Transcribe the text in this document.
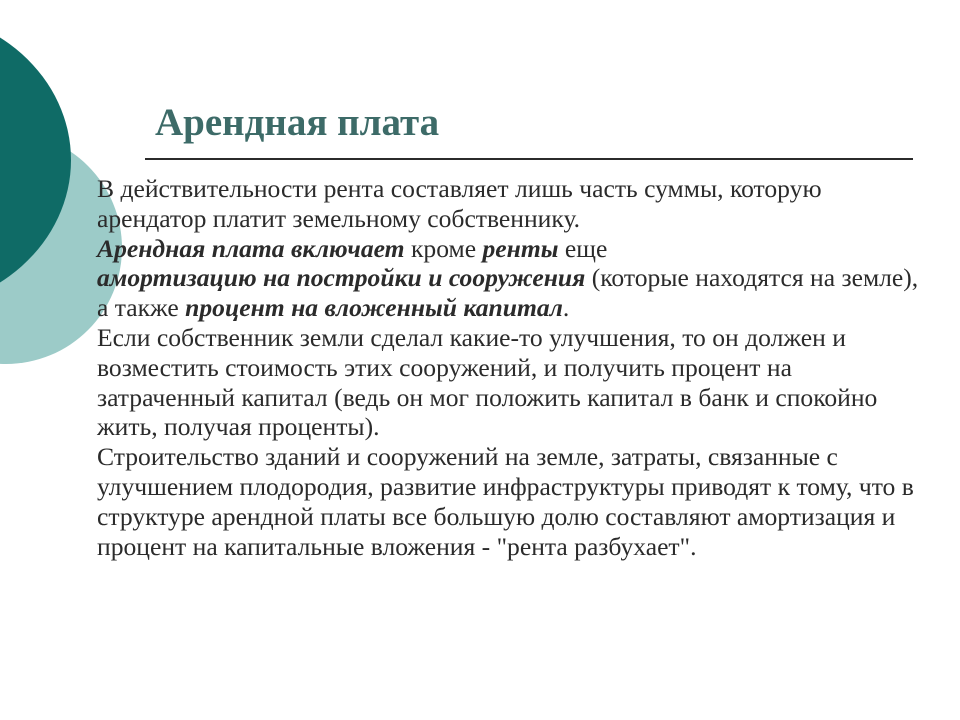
Арендная плата

В действительности рента составляет лишь часть суммы, которую арендатор платит земельному собственнику.
Арендная плата включает кроме ренты еще
амортизацию на постройки и сооружения (которые находятся на земле), а также процент на вложенный капитал.

Если собственник земли сделал какие-то улучшения, то он должен и возместить стоимость этих сооружений, и получить процент на затраченный капитал (ведь он мог положить капитал в банк и спокойно жить, получая проценты).

Строительство зданий и сооружений на земле, затраты, связанные с улучшением плодородия, развитие инфраструктуры приводят к тому, что в структуре арендной платы все большую долю составляют амортизация и процент на капитальные вложения - "рента разбухает".
